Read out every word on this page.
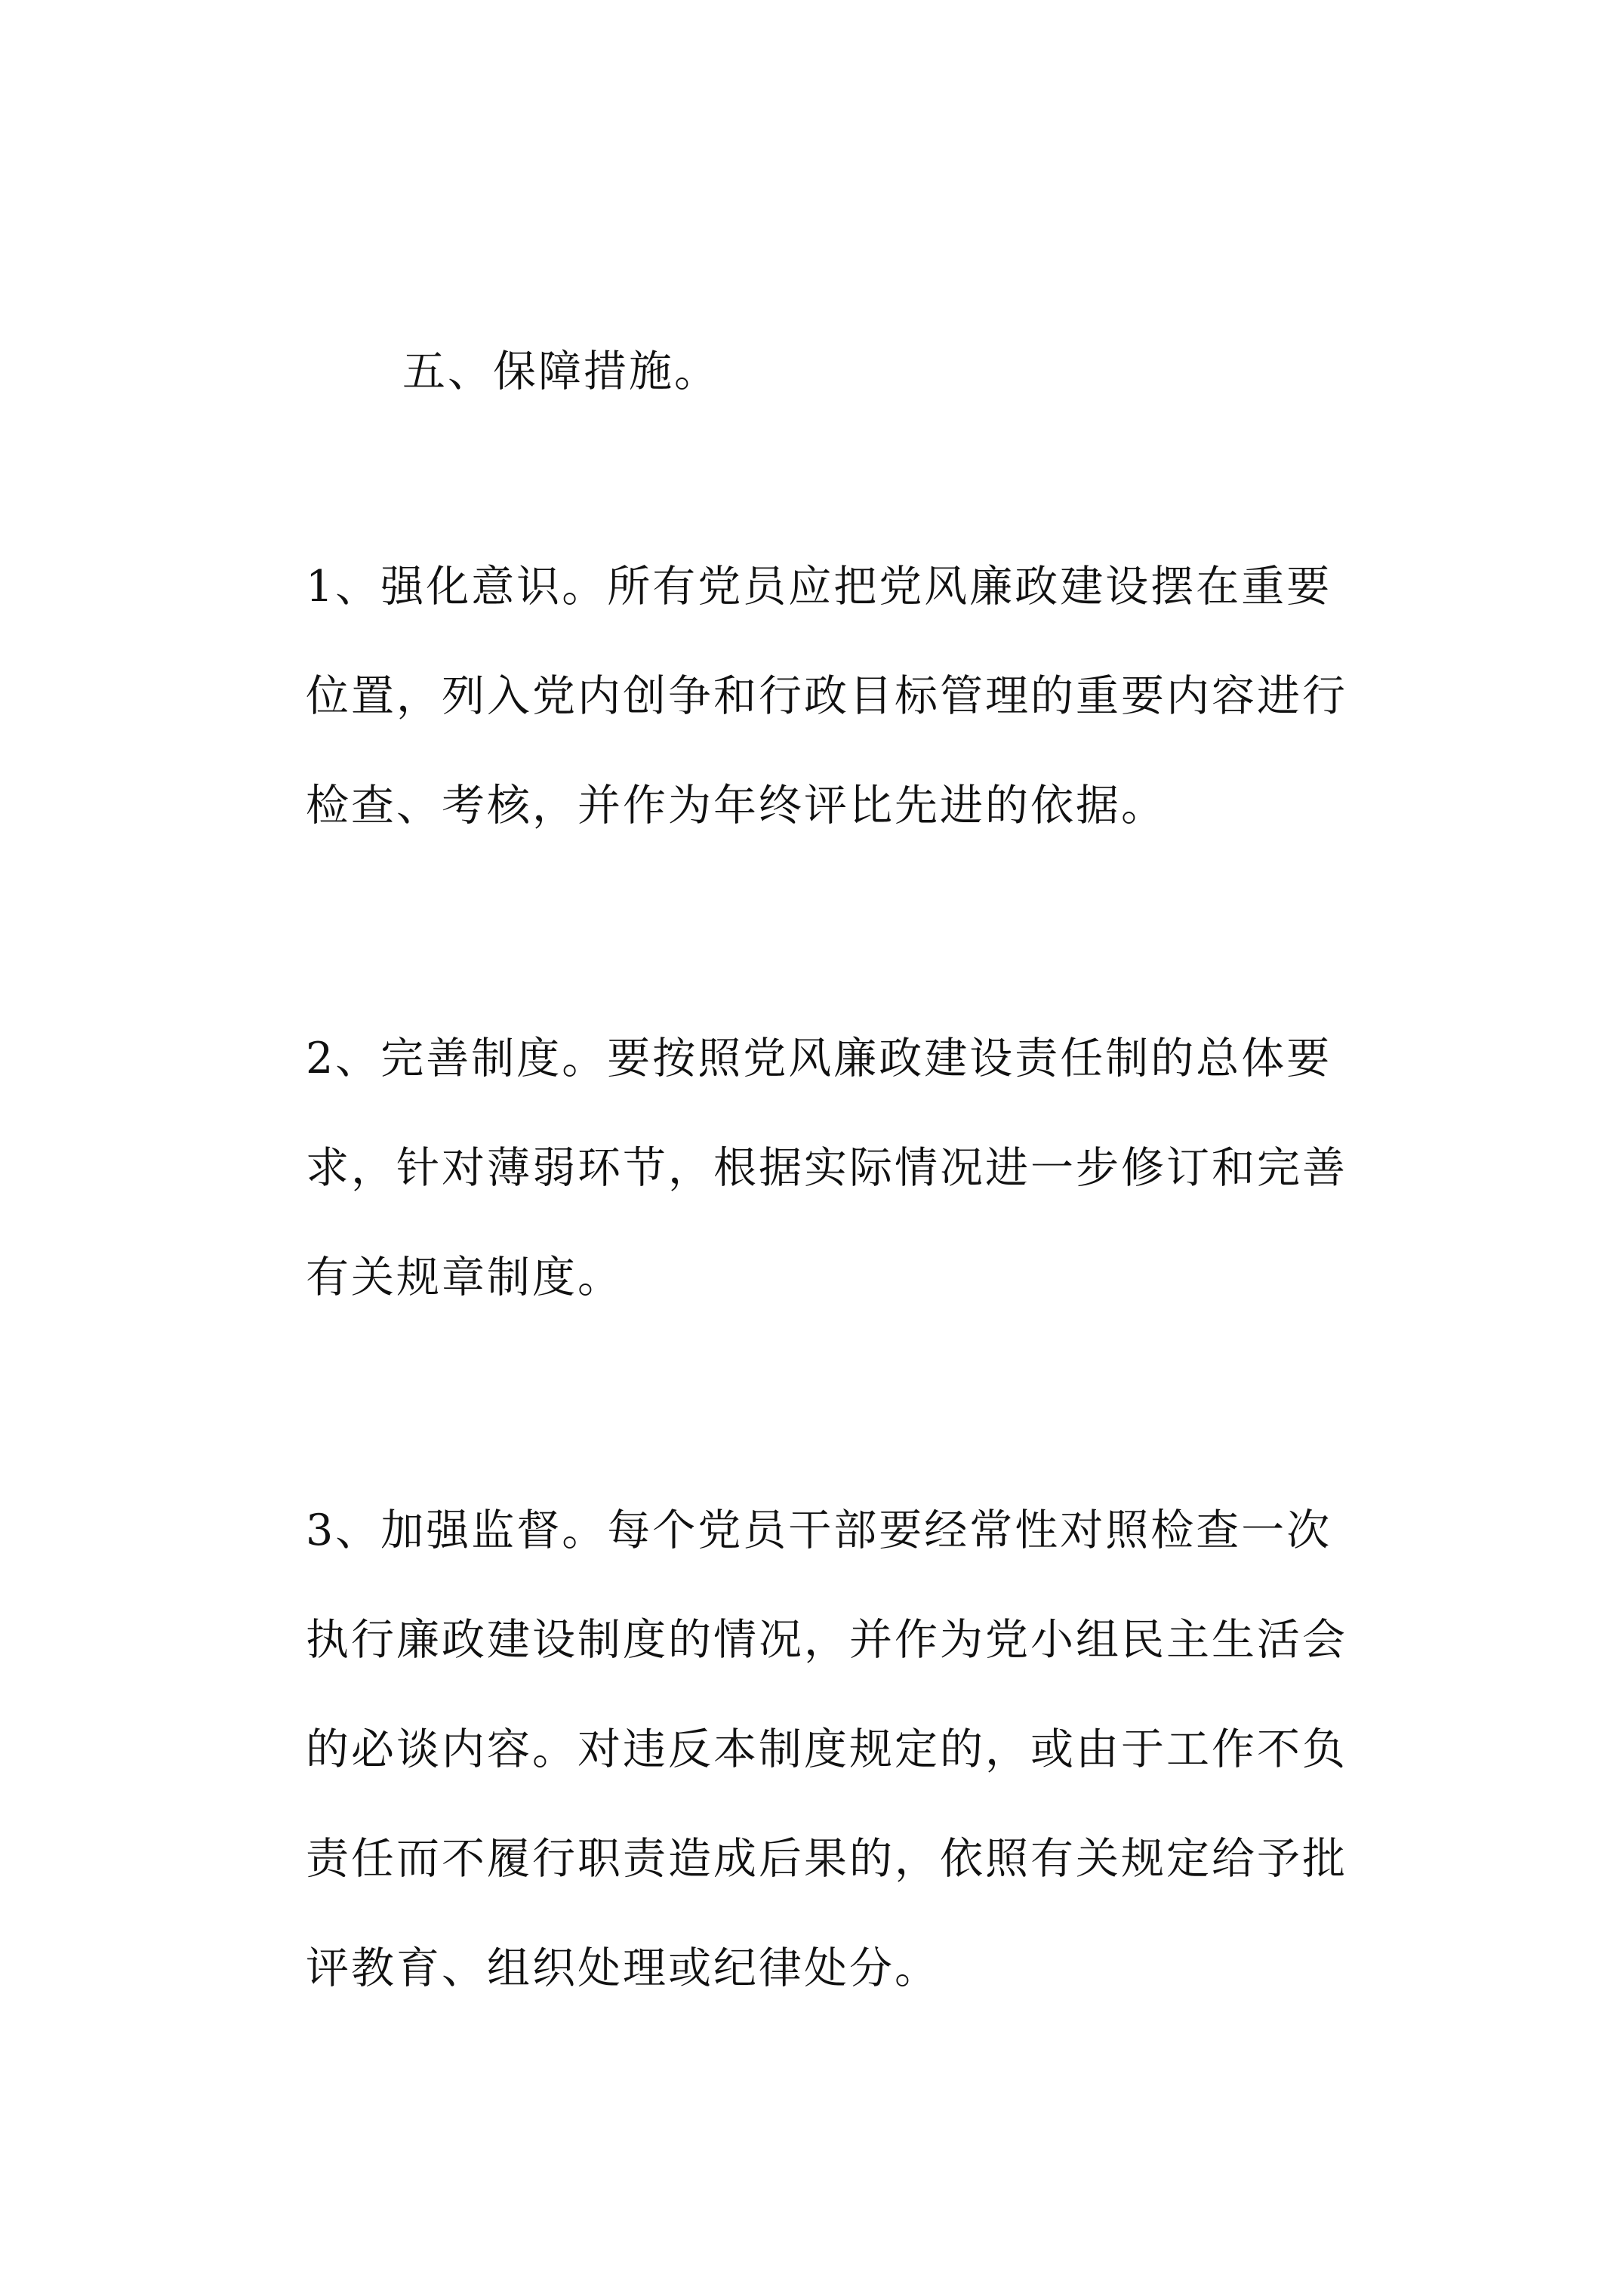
五、保障措施。
1、强化意识。所有党员应把党风廉政建设摆在重要
位置，列入党内创争和行政目标管理的重要内容进行
检查、考核，并作为年终评比先进的依据。
2、完善制度。要按照党风廉政建设责任制的总体要
求，针对薄弱环节，根据实际情况进一步修订和完善
有关规章制度。
3、加强监督。每个党员干部要经常性对照检查一次
执行廉政建设制度的情况，并作为党小组民主生活会
的必谈内容。对违反本制度规定的，或由于工作不负
责任而不履行职责造成后果的，依照有关规定给予批
评教育、组织处理或纪律处分。
